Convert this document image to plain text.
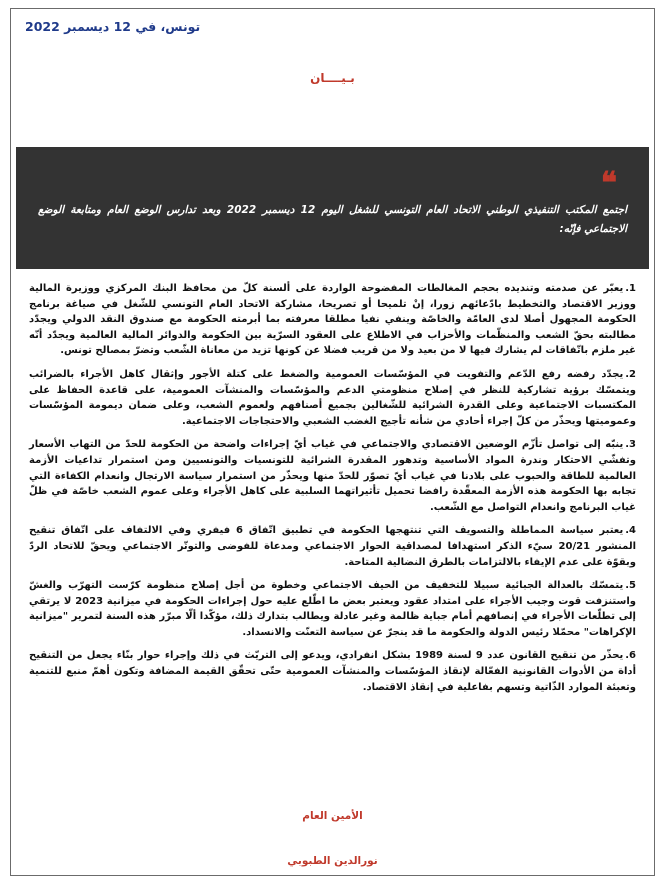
تونس، في 12 ديسمبر 2022
بـيــــان
❝
اجتمع المكتب التنفيذي الوطني الاتحاد العام التونسي للشغل اليوم 12 ديسمبر 2022 وبعد تدارس الوضع العام ومتابعة الوضع الاجتماعي فإنّه:
1.يعبّر عن صدمته وتنديده بحجم المغالطات المفضوحة الواردة على ألسنة كلّ من محافظ البنك المركزي ووزيرة المالية ووزير الاقتصاد والتخطيط بادّعائهم زورا، إنْ تلميحا أو تصريحا، مشاركة الاتحاد العام التونسي للشّغل في صياغة برنامج الحكومة المجهول أصلا لدى العامّة والخاصّة وينفي نفيا مطلقا معرفته بما أبرمته الحكومة مع صندوق النقد الدولي ويجدّد مطالبته بحقّ الشعب والمنظّمات والأحزاب في الاطلاع على العقود السرّية بين الحكومة والدوائر المالية العالمية ويجدّد أنّه غير ملزم باتّفاقات لم يشارك فيها لا من بعيد ولا من قريب فضلا عن كونها تزيد من معاناة الشّعب وتضرّ بمصالح تونس.
2.يجدّد رفضه رفع الدّعم والتفويت في المؤسّسات العمومية والضغط على كتلة الأجور وإثقال كاهل الأجراء بالضرائب ويتمسّك برؤية تشاركية للنظر في إصلاح منظومتي الدعم والمؤسّسات والمنشآت العمومية، على قاعدة الحفاظ على المكتسبات الاجتماعية وعلى القدرة الشرائية للشّغالين بجميع أصنافهم ولعموم الشعب، وعلى ضمان ديمومة المؤسّسات وعموميتها ويحذّر من كلّ إجراء أحادي من شأنه تأجيج الغضب الشعبي والاحتجاجات الاجتماعية.
3.ينبّه إلى تواصل تأزّم الوضعين الاقتصادي والاجتماعي في غياب أيّ إجراءات واضحة من الحكومة للحدّ من التهاب الأسعار وتفشّي الاحتكار وندرة المواد الأساسية وتدهور المقدرة الشرائية للتونسيات والتونسيين ومن استمرار تداعيات الأزمة العالمية للطاقة والحبوب على بلادنا في غياب أيّ تصوّر للحدّ منها ويحذّر من استمرار سياسة الارتجال وانعدام الكفاءة التي تجابه بها الحكومة هذه الأزمة المعقّدة رافضا تحميل تأثيراتهما السلبية على كاهل الأجراء وعلى عموم الشعب خاصّة في ظلّ غياب البرنامج وانعدام التواصل مع الشّعب.
4.يعتبر سياسة المماطلة والتسويف التي تنتهجها الحكومة في تطبيق اتّفاق 6 فيفري وفي الالتفاف على اتّفاق تنقيح المنشور 20/21 سيّء الذكر استهدافا لمصداقية الحوار الاجتماعي ومدعاة للفوضى والتوتّر الاجتماعي ويحقّ للاتحاد الردّ وبقوّة على عدم الإيفاء بالالتزامات بالطرق النضالية المتاحة.
5.يتمسّك بالعدالة الجبائية سبيلا للتخفيف من الحيف الاجتماعي وخطوة من أجل إصلاح منظومة كرّست التهرّب والغشّ واستنزفت قوت وجيب الأجراء على امتداد عقود ويعتبر بعض ما اطّلع عليه حول إجراءات الحكومة في ميزانية 2023 لا يرتقي إلى تطلّعات الأجراء في إنصافهم أمام جباية ظالمة وغير عادلة ويطالب بتدارك ذلك، مؤكّدا ألّا مبرّر هذه السنة لتمرير "ميزانية الإكراهات" محمّلا رئيس الدولة والحكومة ما قد ينجرّ عن سياسة التعنّت والانسداد.
6.يحذّر من تنقيح القانون عدد 9 لسنة 1989 بشكل انفرادي، ويدعو إلى التريّث في ذلك وإجراء حوار بنّاء يجعل من التنقيح أداة من الأدوات القانونية الفعّالة لإنقاذ المؤسّسات والمنشآت العمومية حتّى تحقّق القيمة المضافة وتكون أهمّ منبع للتنمية وتعبئة الموارد الذّاتية وتسهم بفاعلية في إنقاذ الاقتصاد.
الأمين العام
نورالدين الطبوبي
